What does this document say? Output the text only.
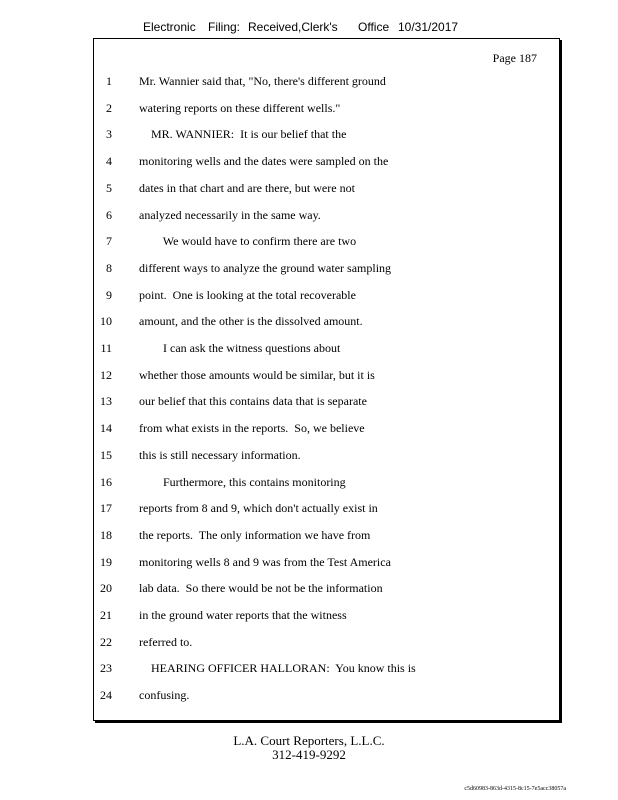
Electronic Filing: Received,Clerk's Office 10/31/2017
Page 187
1 Mr. Wannier said that, "No, there's different ground
2 watering reports on these different wells."
3 MR. WANNIER:  It is our belief that the
4 monitoring wells and the dates were sampled on the
5 dates in that chart and are there, but were not
6 analyzed necessarily in the same way.
7 We would have to confirm there are two
8 different ways to analyze the ground water sampling
9 point.  One is looking at the total recoverable
10 amount, and the other is the dissolved amount.
11 I can ask the witness questions about
12 whether those amounts would be similar, but it is
13 our belief that this contains data that is separate
14 from what exists in the reports.  So, we believe
15 this is still necessary information.
16 Furthermore, this contains monitoring
17 reports from 8 and 9, which don't actually exist in
18 the reports.  The only information we have from
19 monitoring wells 8 and 9 was from the Test America
20 lab data.  So there would be not be the information
21 in the ground water reports that the witness
22 referred to.
23 HEARING OFFICER HALLORAN:  You know this is
24 confusing.
L.A. Court Reporters, L.L.C.
312-419-9292
c5d60983-863d-4315-8c15-7e5acc38057a
